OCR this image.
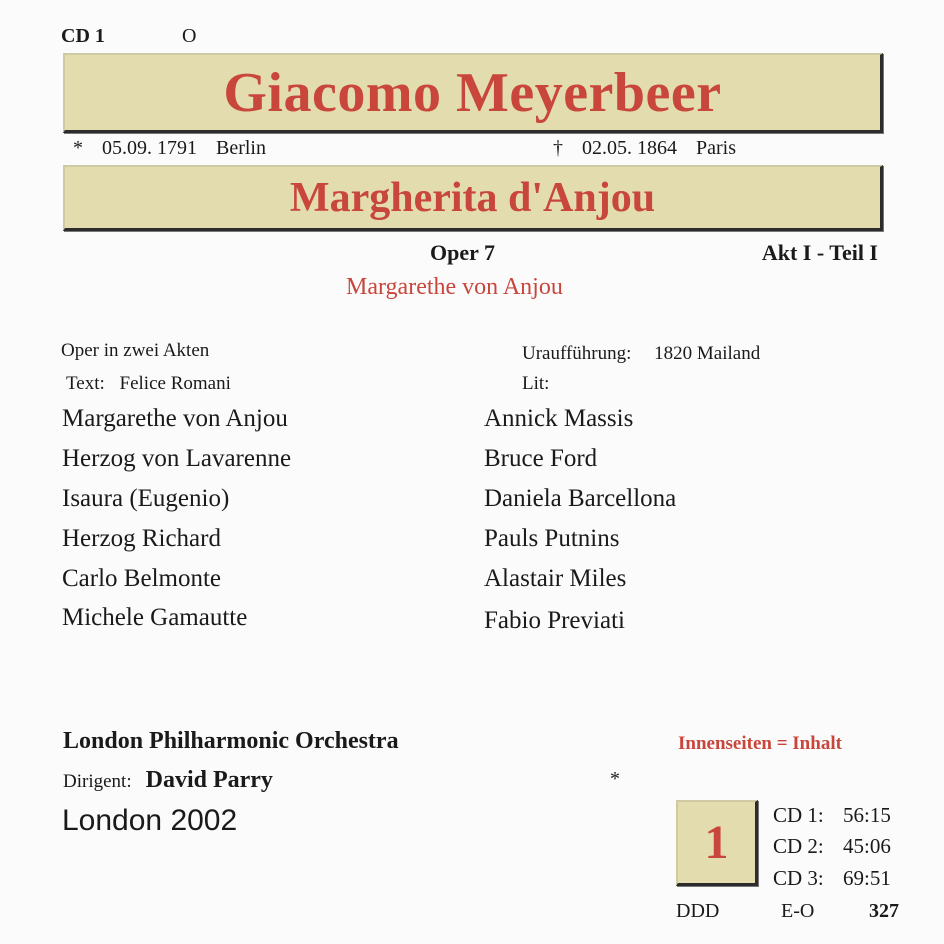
CD 1	O
Giacomo Meyerbeer
* 05.09. 1791 Berlin	† 02.05. 1864 Paris
Margherita d'Anjou
Oper 7	Akt I - Teil I
Margarethe von Anjou
Oper in zwei Akten
Text: Felice Romani
Uraufführung: 1820 Mailand
Lit:
Margarethe von Anjou	Annick Massis
Herzog von Lavarenne	Bruce Ford
Isaura (Eugenio)	Daniela Barcellona
Herzog Richard	Pauls Putnins
Carlo Belmonte	Alastair Miles
Michele Gamautte	Fabio Previati
London Philharmonic Orchestra
Dirigent: David Parry
London 2002
*
Innenseiten = Inhalt
1
CD 1: 56:15
CD 2: 45:06
CD 3: 69:51
DDD	E-O	327
